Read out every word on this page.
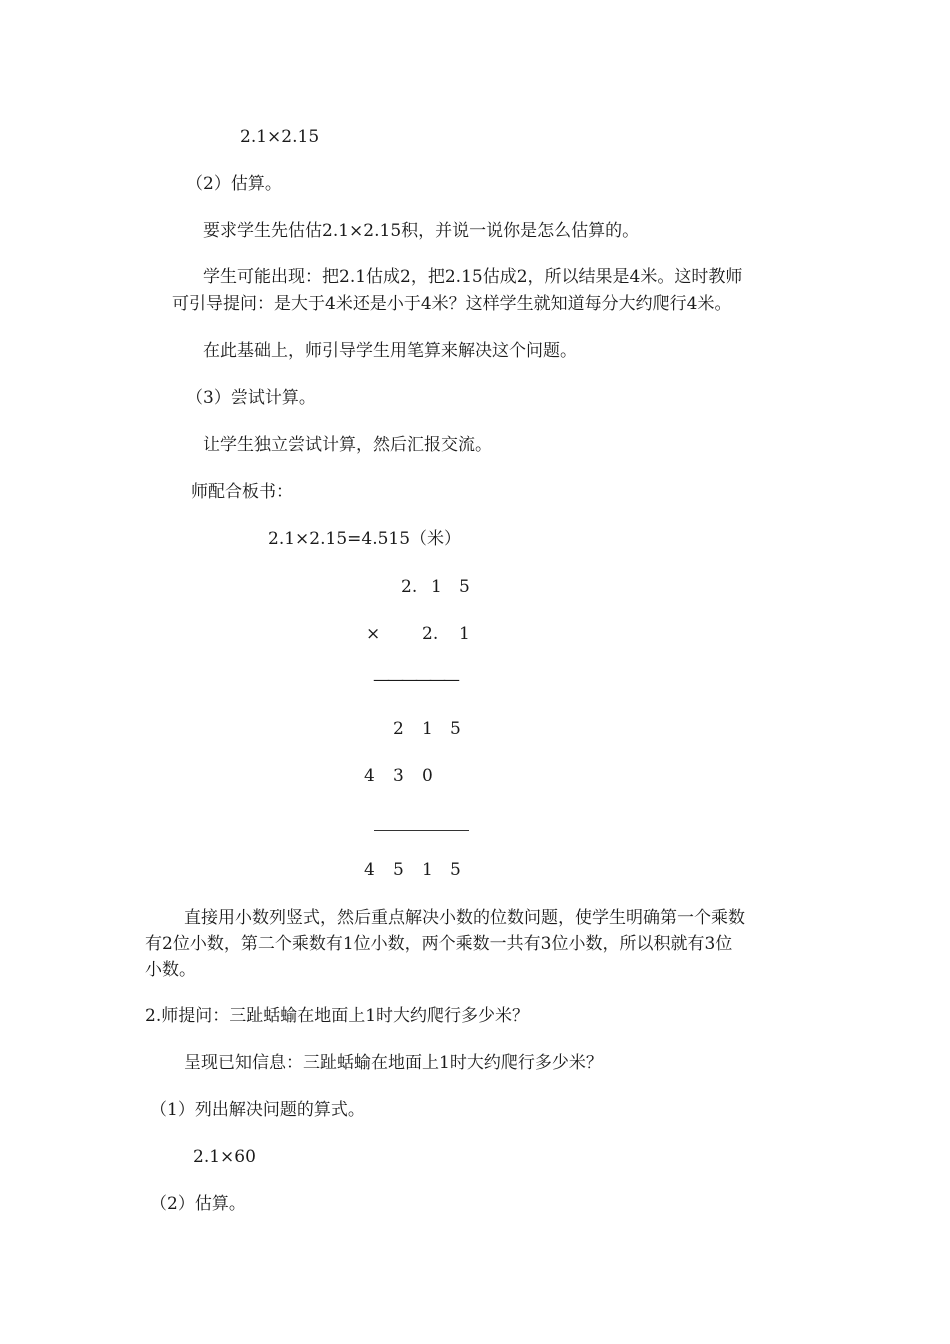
2.1×2.15
（2）估算。
要求学生先估估2.1×2.15积，并说一说你是怎么估算的。
学生可能出现：把2.1估成2，把2.15估成2，所以结果是4米。这时教师
可引导提问：是大于4米还是小于4米？这样学生就知道每分大约爬行4米。
在此基础上，师引导学生用笔算来解决这个问题。
（3）尝试计算。
让学生独立尝试计算，然后汇报交流。
师配合板书：
2.1×2.15=4.515（米）
2. 1 5
× 2. 1
——————
2 1 5
4 3 0
4 5 1 5
直接用小数列竖式，然后重点解决小数的位数问题，使学生明确第一个乘数
有2位小数，第二个乘数有1位小数，两个乘数一共有3位小数，所以积就有3位
小数。
2.师提问：三趾蛞蝓在地面上1时大约爬行多少米？
呈现已知信息：三趾蛞蝓在地面上1时大约爬行多少米？
（1）列出解决问题的算式。
2.1×60
（2）估算。
